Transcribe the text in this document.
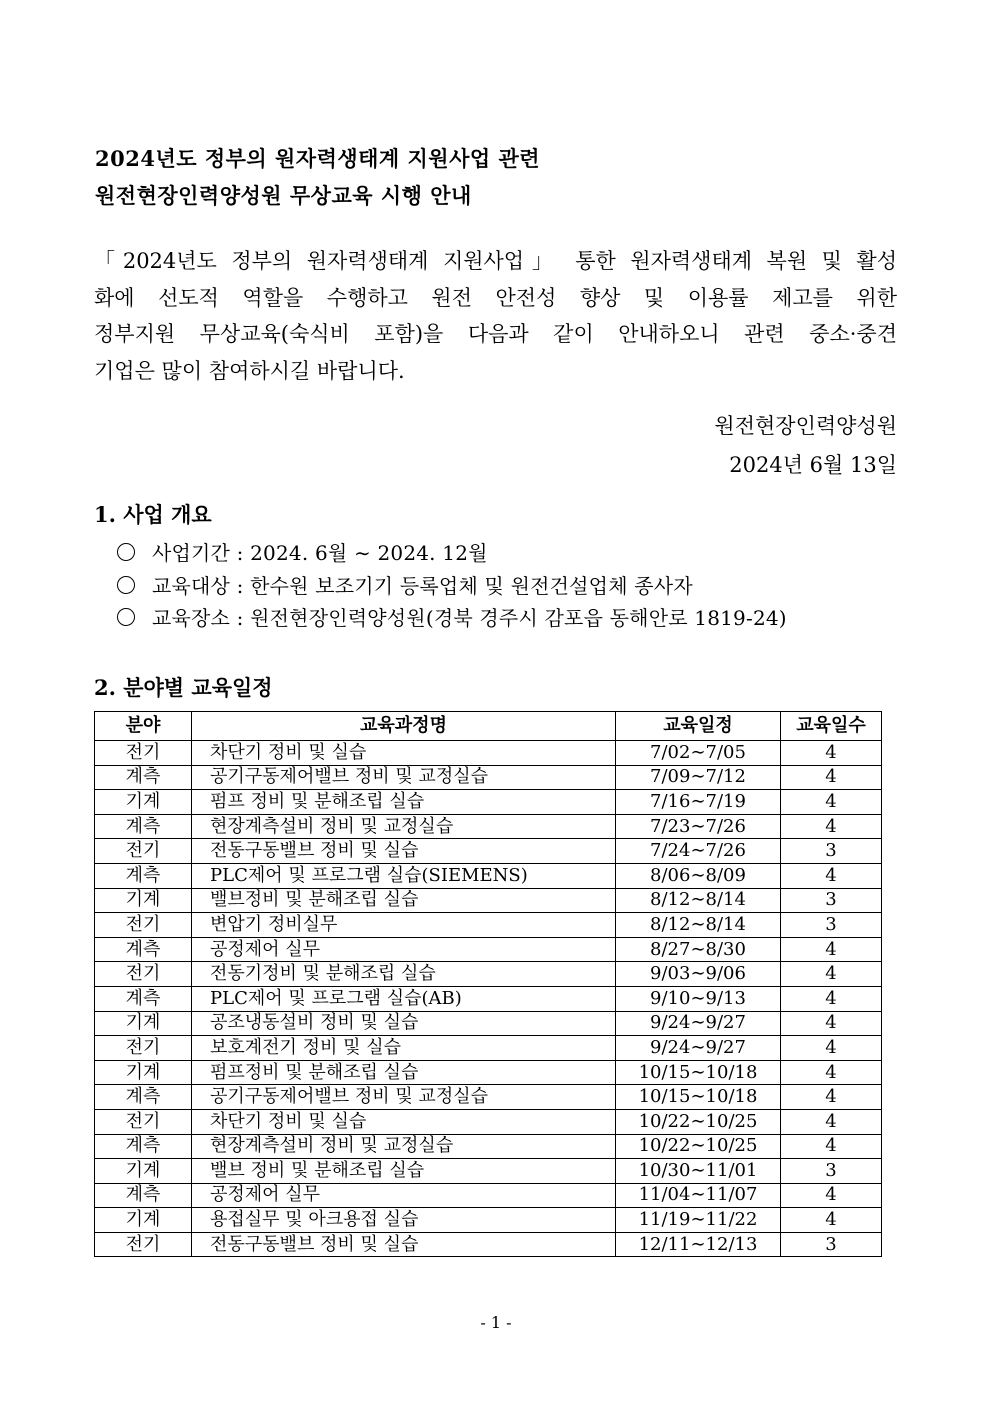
2024년도 정부의 원자력생태계 지원사업 관련
원전현장인력양성원 무상교육 시행 안내
「2024년도 정부의 원자력생태계 지원사업」 통한 원자력생태계 복원 및 활성
화에 선도적 역할을 수행하고 원전 안전성 향상 및 이용률 제고를 위한
정부지원 무상교육(숙식비 포함)을 다음과 같이 안내하오니 관련 중소·중견
기업은 많이 참여하시길 바랍니다.
원전현장인력양성원
2024년 6월 13일
1. 사업 개요
사업기간 : 2024. 6월 ∼ 2024. 12월
교육대상 : 한수원 보조기기 등록업체 및 원전건설업체 종사자
교육장소 : 원전현장인력양성원(경북 경주시 감포읍 동해안로 1819-24)
2. 분야별 교육일정
분야	교육과정명	교육일정	교육일수
전기	차단기 정비 및 실습	7/02∼7/05	4
계측	공기구동제어밸브 정비 및 교정실습	7/09∼7/12	4
기계	펌프 정비 및 분해조립 실습	7/16∼7/19	4
계측	현장계측설비 정비 및 교정실습	7/23∼7/26	4
전기	전동구동밸브 정비 및 실습	7/24∼7/26	3
계측	PLC제어 및 프로그램 실습(SIEMENS)	8/06∼8/09	4
기계	밸브정비 및 분해조립 실습	8/12∼8/14	3
전기	변압기 정비실무	8/12∼8/14	3
계측	공정제어 실무	8/27∼8/30	4
전기	전동기정비 및 분해조립 실습	9/03∼9/06	4
계측	PLC제어 및 프로그램 실습(AB)	9/10∼9/13	4
기계	공조냉동설비 정비 및 실습	9/24∼9/27	4
전기	보호계전기 정비 및 실습	9/24∼9/27	4
기계	펌프정비 및 분해조립 실습	10/15∼10/18	4
계측	공기구동제어밸브 정비 및 교정실습	10/15∼10/18	4
전기	차단기 정비 및 실습	10/22∼10/25	4
계측	현장계측설비 정비 및 교정실습	10/22∼10/25	4
기계	밸브 정비 및 분해조립 실습	10/30∼11/01	3
계측	공정제어 실무	11/04∼11/07	4
기계	용접실무 및 아크용접 실습	11/19∼11/22	4
전기	전동구동밸브 정비 및 실습	12/11∼12/13	3
- 1 -
